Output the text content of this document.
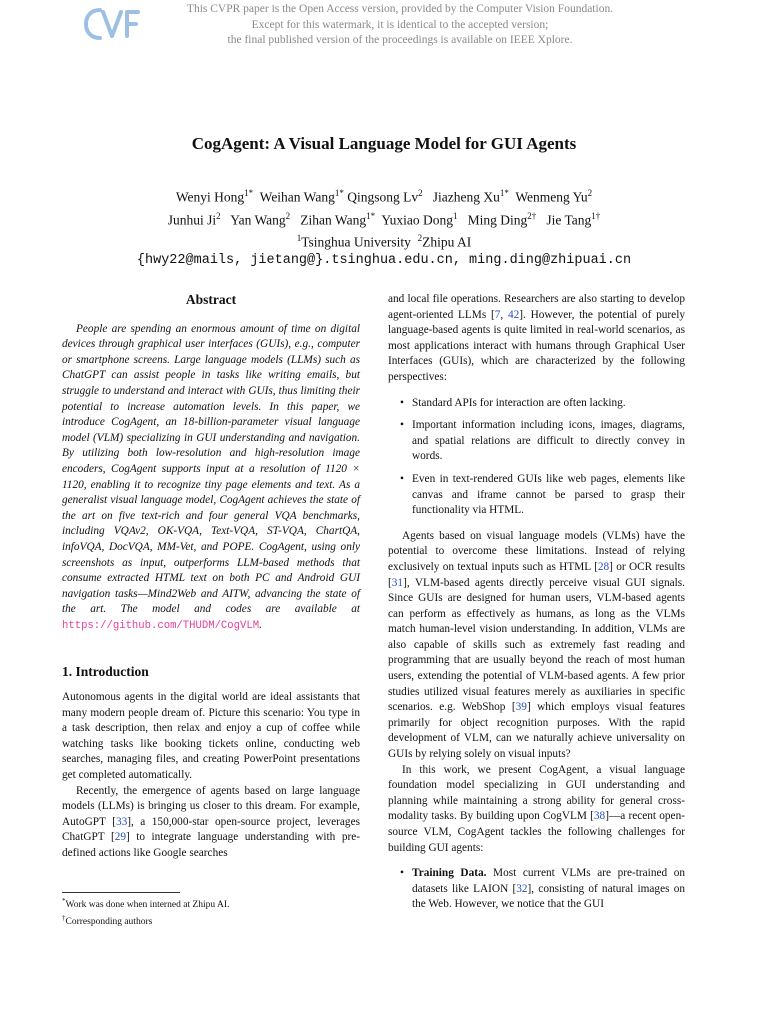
This CVPR paper is the Open Access version, provided by the Computer Vision Foundation.
Except for this watermark, it is identical to the accepted version;
the final published version of the proceedings is available on IEEE Xplore.
CogAgent: A Visual Language Model for GUI Agents
Wenyi Hong$^{1*}$ Weihan Wang$^{1*}$ Qingsong Lv$^2$ Jiazheng $Xu^{1*}$ Wenmeng Yu$^2$
Junhui Ji$^2$ Yan Wang$^2$ Zihan Wang$^{1*}$ Yuxiao Dong$^1$ Ming Ding$^{2\dagger}$ Jie Tang$^{1\dagger}$
$^1$Tsinghua University $^2$Zhipu AI
{hwy22@mails, jietang@}.tsinghua.edu.cn, ming.ding@zhipuai.cn
Abstract

People are spending an enormous amount of time on digital devices through graphical user interfaces (GUIs), e.g., computer or smartphone screens. Large language models (LLMs) such as ChatGPT can assist people in tasks like writing emails, but struggle to understand and interact with GUIs, thus limiting their potential to increase automation levels. In this paper, we introduce CogAgent, an 18-billion-parameter visual language model (VLM) specializing in GUI understanding and navigation. By utilizing both low-resolution and high-resolution image encoders, CogAgent supports input at a resolution of 1120 × 1120, enabling it to recognize tiny page elements and text. As a generalist visual language model, CogAgent achieves the state of the art on five text-rich and four general VQA benchmarks, including VQAv2, OK-VQA, Text-VQA, ST-VQA, ChartQA, infoVQA, DocVQA, MM-Vet, and POPE. CogAgent, using only screenshots as input, outperforms LLM-based methods that consume extracted HTML text on both PC and Android GUI navigation tasks—Mind2Web and AITW, advancing the state of the art. The model and codes are available at https://github.com/THUDM/CogVLM.

1. Introduction

Autonomous agents in the digital world are ideal assistants that many modern people dream of. Picture this scenario: You type in a task description, then relax and enjoy a cup of coffee while watching tasks like booking tickets online, conducting web searches, managing files, and creating PowerPoint presentations get completed automatically.

Recently, the emergence of agents based on large language models (LLMs) is bringing us closer to this dream. For example, AutoGPT [33], a 150,000-star open-source project, leverages ChatGPT [29] to integrate language understanding with pre-defined actions like Google searches

*Work was done when interned at Zhipu AI.
†Corresponding authors

and local file operations. Researchers are also starting to develop agent-oriented LLMs [7, 42]. However, the potential of purely language-based agents is quite limited in real-world scenarios, as most applications interact with humans through Graphical User Interfaces (GUIs), which are characterized by the following perspectives:

• Standard APIs for interaction are often lacking.
• Important information including icons, images, diagrams, and spatial relations are difficult to directly convey in words.
• Even in text-rendered GUIs like web pages, elements like canvas and iframe cannot be parsed to grasp their functionality via HTML.

Agents based on visual language models (VLMs) have the potential to overcome these limitations. Instead of relying exclusively on textual inputs such as HTML [28] or OCR results [31], VLM-based agents directly perceive visual GUI signals. Since GUIs are designed for human users, VLM-based agents can perform as effectively as humans, as long as the VLMs match human-level vision understanding. In addition, VLMs are also capable of skills such as extremely fast reading and programming that are usually beyond the reach of most human users, extending the potential of VLM-based agents. A few prior studies utilized visual features merely as auxiliaries in specific scenarios. e.g. WebShop [39] which employs visual features primarily for object recognition purposes. With the rapid development of VLM, can we naturally achieve universality on GUIs by relying solely on visual inputs?

In this work, we present CogAgent, a visual language foundation model specializing in GUI understanding and planning while maintaining a strong ability for general cross-modality tasks. By building upon CogVLM [38]—a recent open-source VLM, CogAgent tackles the following challenges for building GUI agents:

• Training Data. Most current VLMs are pre-trained on datasets like LAION [32], consisting of natural images on the Web. However, we notice that the GUI
